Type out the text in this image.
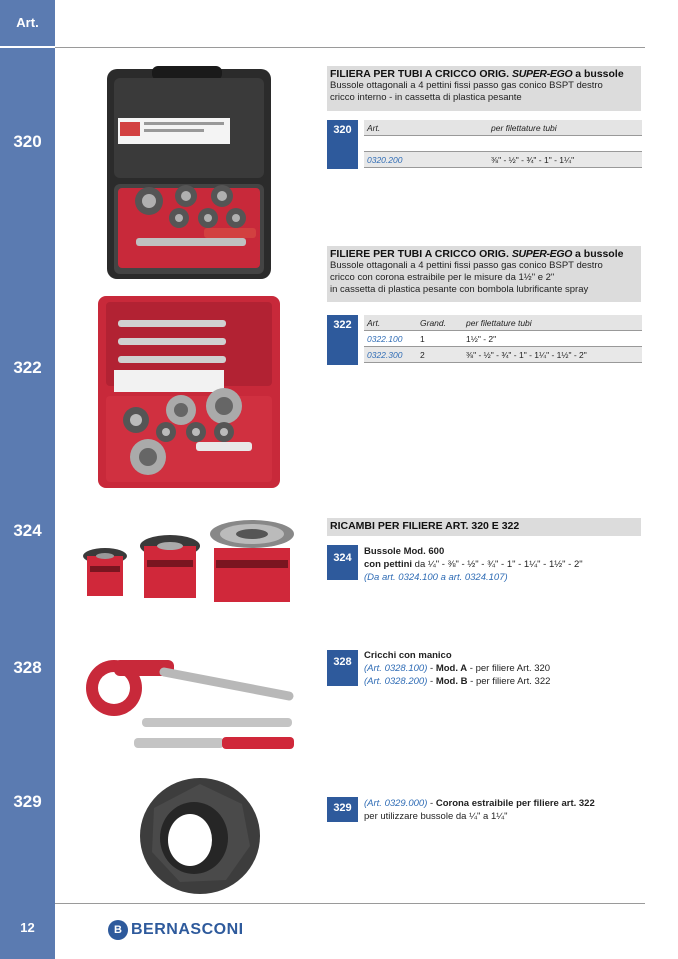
Art.
320
322
324
328
329
12
FILIERA PER TUBI A CRICCO ORIG. SUPER-EGO a bussole
Bussole ottagonali a 4 pettini fissi passo gas conico BSPT destro
cricco interno - in cassetta di plastica pesante
320	Art.		per filettature tubi

0320.200		⅜" - ½" - ¾" - 1" - 1¼"
FILIERE PER TUBI A CRICCO ORIG. SUPER-EGO a bussole
Bussole ottagonali a 4 pettini fissi passo gas conico BSPT destro
cricco con corona estraibile per le misure da 1½" e 2"
in cassetta di plastica pesante con bombola lubrificante spray
322	Art.	Grand.	per filettature tubi
0322.100	1	1½" - 2"
0322.300	2	⅜" - ½" - ¾" - 1" - 1¼" - 1½" - 2"
RICAMBI PER FILIERE ART. 320 E 322
324
Bussole Mod. 600
con pettini da ¼" - ⅜" - ½" - ¾" - 1" - 1¼" - 1½" - 2"
(Da art. 0324.100 a art. 0324.107)
328
Cricchi con manico
(Art. 0328.100) - Mod. A - per filiere Art. 320
(Art. 0328.200) - Mod. B - per filiere Art. 322
329	(Art. 0329.000) - Corona estraibile per filiere art. 322
per utilizzare bussole da ¼" a 1¼"
B BERNASCONI
